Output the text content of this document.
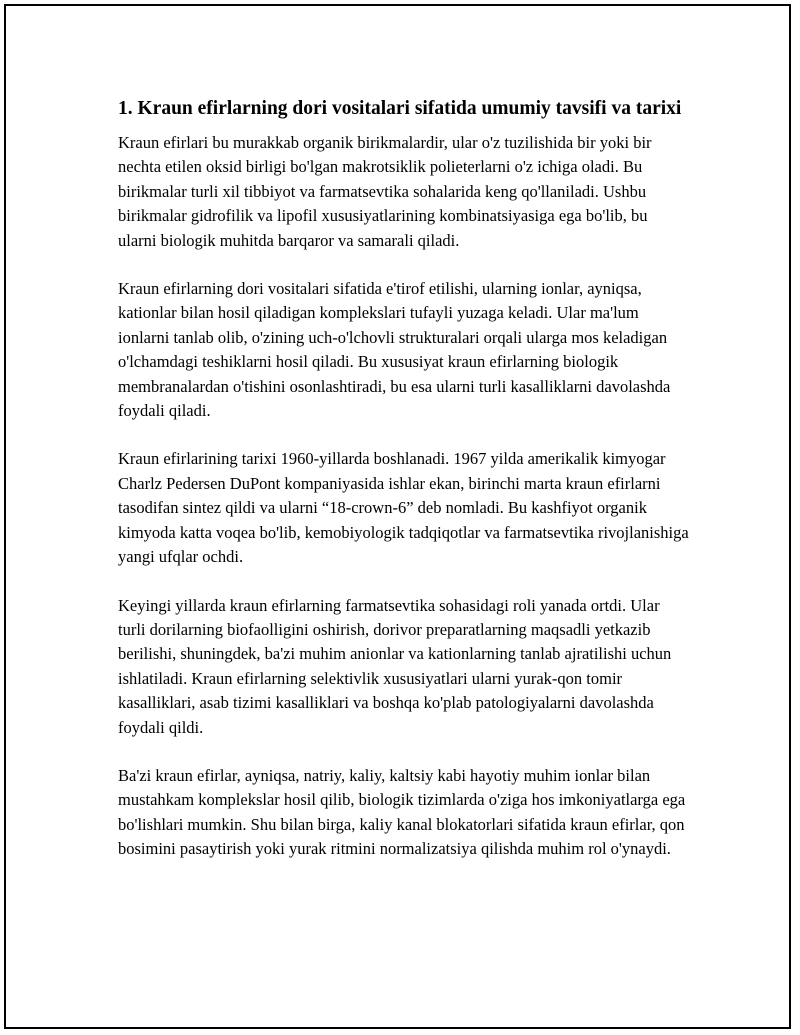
1. Kraun efirlarning dori vositalari sifatida umumiy tavsifi va tarixi

Kraun efirlari bu murakkab organik birikmalardir, ular o'z tuzilishida bir yoki bir nechta etilen oksid birligi bo'lgan makrotsiklik polieterlarni o'z ichiga oladi. Bu birikmalar turli xil tibbiyot va farmatsevtika sohalarida keng qo'llaniladi. Ushbu birikmalar gidrofilik va lipofil xususiyatlarining kombinatsiyasiga ega bo'lib, bu ularni biologik muhitda barqaror va samarali qiladi.

Kraun efirlarning dori vositalari sifatida e'tirof etilishi, ularning ionlar, ayniqsa, kationlar bilan hosil qiladigan komplekslari tufayli yuzaga keladi. Ular ma'lum ionlarni tanlab olib, o'zining uch-o'lchovli strukturalari orqali ularga mos keladigan o'lchamdagi teshiklarni hosil qiladi. Bu xususiyat kraun efirlarning biologik membranalardan o'tishini osonlashtiradi, bu esa ularni turli kasalliklarni davolashda foydali qiladi.

Kraun efirlarining tarixi 1960-yillarda boshlanadi. 1967 yilda amerikalik kimyogar Charlz Pedersen DuPont kompaniyasida ishlar ekan, birinchi marta kraun efirlarni tasodifan sintez qildi va ularni “18-crown-6” deb nomladi. Bu kashfiyot organik kimyoda katta voqea bo'lib, kemobiyologik tadqiqotlar va farmatsevtika rivojlanishiga yangi ufqlar ochdi.

Keyingi yillarda kraun efirlarning farmatsevtika sohasidagi roli yanada ortdi. Ular turli dorilarning biofaolligini oshirish, dorivor preparatlarning maqsadli yetkazib berilishi, shuningdek, ba'zi muhim anionlar va kationlarning tanlab ajratilishi uchun ishlatiladi. Kraun efirlarning selektivlik xususiyatlari ularni yurak-qon tomir kasalliklari, asab tizimi kasalliklari va boshqa ko'plab patologiyalarni davolashda foydali qildi.

Ba'zi kraun efirlar, ayniqsa, natriy, kaliy, kaltsiy kabi hayotiy muhim ionlar bilan mustahkam komplekslar hosil qilib, biologik tizimlarda o'ziga hos imkoniyatlarga ega bo'lishlari mumkin. Shu bilan birga, kaliy kanal blokatorlari sifatida kraun efirlar, qon bosimini pasaytirish yoki yurak ritmini normalizatsiya qilishda muhim rol o'ynaydi.
